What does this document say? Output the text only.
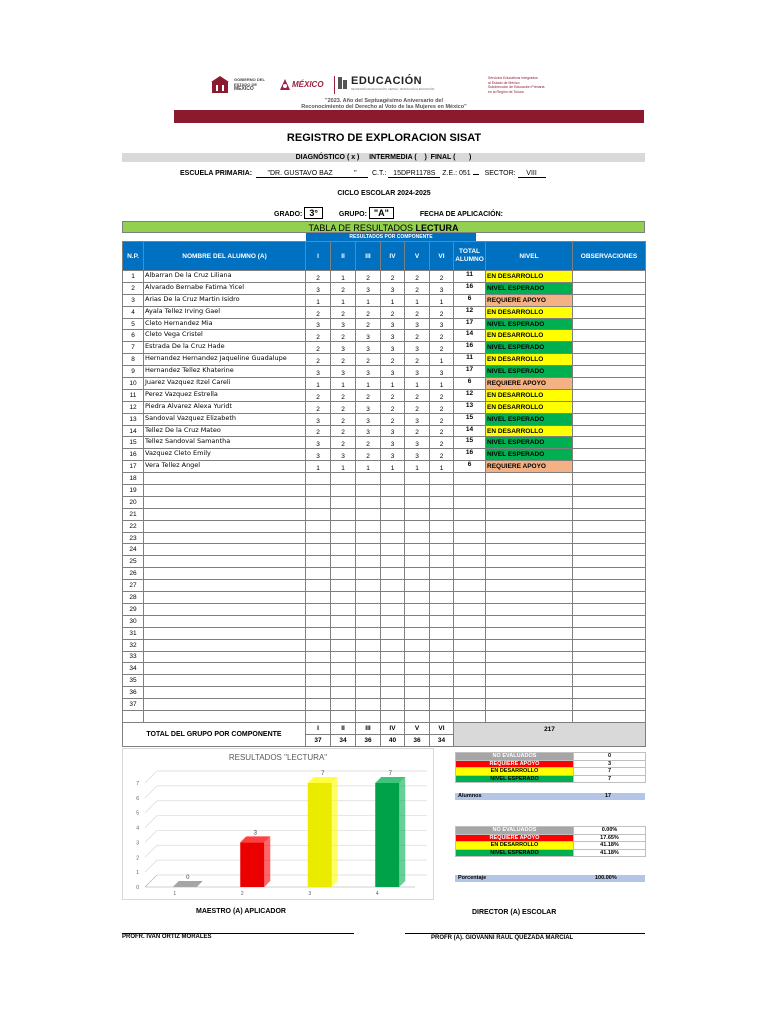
GOBIERNO DEL
ESTADO DE
MÉXICO	MÉXICO EDUCACIÓN
SECRETARÍA DE EDUCACIÓN, CIENCIA, TECNOLOGÍA E INNOVACIÓN
Servicios Educativos Integrados
al Estado de México
Subdirección de Educación Primaria
en la Región de Toluca
"2023. Año del Septuagésimo Aniversario del
Reconocimiento del Derecho al Voto de las Mujeres en México"
REGISTRO DE EXPLORACION SISAT
DIAGNÓSTICO ( x )     INTERMEDIA (    )  FINAL (       )
ESCUELA PRIMARIA: "DR. GUSTAVO BAZ           " C.T.: 15DPR1178S Z.E.: 051 SECTOR: VIII
CICLO ESCOLAR 2024-2025
GRADO: 3°	GRUPO: "A"	FECHA DE APLICACIÓN:
TABLA DE RESULTADOS LECTURA
RESULTADOS POR COMPONENTE
N.P.	NOMBRE DEL ALUMNO (A)	I	II	III	IV	V	VI	TOTAL ALUMNO	NIVEL	OBSERVACIONES
1	Albarran De la Cruz Liliana	2	1	2	2	2	2	11	EN DESARROLLO	
2	Alvarado Bernabe Fatima Yicel	3	2	3	3	2	3	16	NIVEL ESPERADO	
3	Arias De la Cruz Martin Isidro	1	1	1	1	1	1	6	REQUIERE APOYO	
4	Ayala Tellez Irving Gael	2	2	2	2	2	2	12	EN DESARROLLO	
5	Cleto Hernandez Mia	3	3	2	3	3	3	17	NIVEL ESPERADO	
6	Cleto Vega Cristel	2	2	3	3	2	2	14	EN DESARROLLO	
7	Estrada De la Cruz Hade	2	3	3	3	3	2	16	NIVEL ESPERADO	
8	Hernandez Hernandez Jaqueline Guadalupe	2	2	2	2	2	1	11	EN DESARROLLO	
9	Hernandez Tellez Khaterine	3	3	3	3	3	3	17	NIVEL ESPERADO	
10	Juarez Vazquez Itzel Careli	1	1	1	1	1	1	6	REQUIERE APOYO	
11	Perez Vazquez Estrella	2	2	2	2	2	2	12	EN DESARROLLO	
12	Piedra Alvarez Alexa Yuridt	2	2	3	2	2	2	13	EN DESARROLLO	
13	Sandoval Vazquez Elizabeth	3	2	3	2	3	2	15	NIVEL ESPERADO	
14	Tellez De la Cruz Mateo	2	2	3	3	2	2	14	EN DESARROLLO	
15	Tellez Sandoval Samantha	3	2	2	3	3	2	15	NIVEL ESPERADO	
16	Vazquez Cleto Emily	3	3	2	3	3	2	16	NIVEL ESPERADO	
17	Vera Tellez Angel	1	1	1	1	1	1	6	REQUIERE APOYO	
18										
19										
20										
21										
22										
23										
24										
25										
26										
27										
28										
29										
30										
31										
32										
33										
34										
35										
36										
37										

TOTAL DEL GRUPO POR COMPONENTE		I	II	III	IV	V	VI	217		
		37	34	36	40	36	34			
RESULTADOS "LECTURA"
0
1
2
3
4
5
6
7
0
1
3
2
7
3
7
4
NO EVALUADOS	0
REQUIERE APOYO	3
EN DESARROLLO	7
NIVEL ESPERADO	7
Alumnos	17
NO EVALUADOS	0.00%
REQUIERE APOYO	17.65%
EN DESARROLLO	41.18%
NIVEL ESPERADO	41.18%
Porcentaje	100.00%
MAESTRO (A) APLICADOR	DIRECTOR (A) ESCOLAR
PROFR. IVAN ORTIZ MORALES	PROFR (A). GIOVANNI RAÚL QUEZADA MARCIAL
